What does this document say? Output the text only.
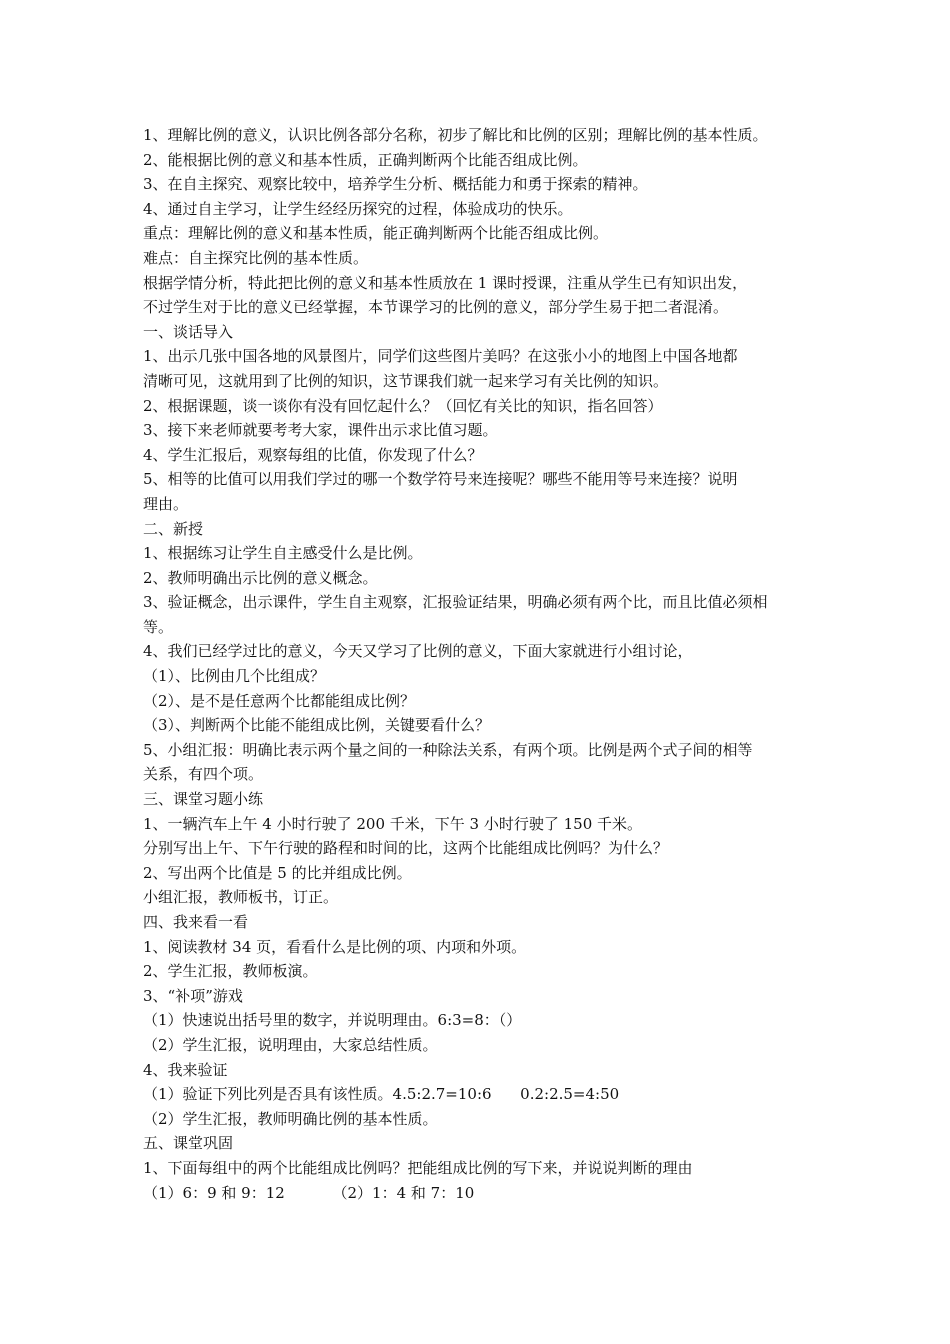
1、理解比例的意义，认识比例各部分名称，初步了解比和比例的区别；理解比例的基本性质。
2、能根据比例的意义和基本性质，正确判断两个比能否组成比例。
3、在自主探究、观察比较中，培养学生分析、概括能力和勇于探索的精神。
4、通过自主学习，让学生经经历探究的过程，体验成功的快乐。
重点：理解比例的意义和基本性质，能正确判断两个比能否组成比例。
难点：自主探究比例的基本性质。
根据学情分析，特此把比例的意义和基本性质放在 1 课时授课，注重从学生已有知识出发，
不过学生对于比的意义已经掌握，本节课学习的比例的意义，部分学生易于把二者混淆。
一、谈话导入
1、出示几张中国各地的风景图片，同学们这些图片美吗？在这张小小的地图上中国各地都
清晰可见，这就用到了比例的知识，这节课我们就一起来学习有关比例的知识。
2、根据课题，谈一谈你有没有回忆起什么？（回忆有关比的知识，指名回答）
3、接下来老师就要考考大家，课件出示求比值习题。
4、学生汇报后，观察每组的比值，你发现了什么？
5、相等的比值可以用我们学过的哪一个数学符号来连接呢？哪些不能用等号来连接？说明
理由。
二、新授
1、根据练习让学生自主感受什么是比例。
2、教师明确出示比例的意义概念。
3、验证概念，出示课件，学生自主观察，汇报验证结果，明确必须有两个比，而且比值必须相
等。
4、我们已经学过比的意义，今天又学习了比例的意义，下面大家就进行小组讨论，
（1）、比例由几个比组成？
（2）、是不是任意两个比都能组成比例？
（3）、判断两个比能不能组成比例，关键要看什么？
5、小组汇报：明确比表示两个量之间的一种除法关系，有两个项。比例是两个式子间的相等
关系，有四个项。
三、课堂习题小练
1、一辆汽车上午 4 小时行驶了 200 千米，下午 3 小时行驶了 150 千米。
分别写出上午、下午行驶的路程和时间的比，这两个比能组成比例吗？为什么？
2、写出两个比值是 5 的比并组成比例。
小组汇报，教师板书，订正。
四、我来看一看
1、阅读教材 34 页，看看什么是比例的项、内项和外项。
2、学生汇报，教师板演。
3、“补项”游戏
（1）快速说出括号里的数字，并说明理由。6:3=8：（）
（2）学生汇报，说明理由，大家总结性质。
4、我来验证
（1）验证下列比列是否具有该性质。4.5:2.7=10:6      0.2:2.5=4:50
（2）学生汇报，教师明确比例的基本性质。
五、课堂巩固
1、下面每组中的两个比能组成比例吗？把能组成比例的写下来，并说说判断的理由
（1）6：9 和 9：12          （2）1：4 和 7：10
